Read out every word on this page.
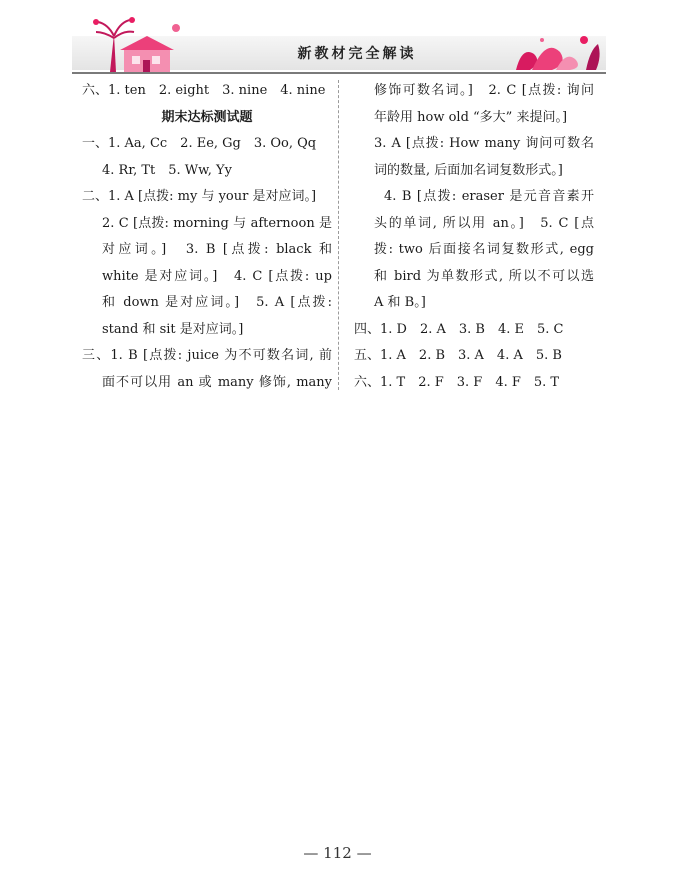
新教材完全解读
六、1. ten　2. eight　3. nine　4. nine
期末达标测试题
一、1. Aa, Cc　2. Ee, Gg　3. Oo, Qq
4. Rr, Tt　5. Ww, Yy
二、1. A [点拨: my 与 your 是对应词。]
2. C [点拨: morning 与 afternoon 是
对应词。]　3. B [点拨: black 和
white 是对应词。]　4. C [点拨: up
和 down 是对应词。]　5. A [点拨:
stand 和 sit 是对应词。]
三、1. B [点拨: juice 为不可数名词, 前
面不可以用 an 或 many 修饰, many
修饰可数名词。]　2. C [点拨: 询问
年龄用 how old “多大” 来提问。]
3. A [点拨: How many 询问可数名
词的数量, 后面加名词复数形式。]
4. B [点拨: eraser 是元音音素开
头的单词, 所以用 an。]　5. C [点
拨: two 后面接名词复数形式, egg
和 bird 为单数形式, 所以不可以选
A 和 B。]
四、1. D　2. A　3. B　4. E　5. C
五、1. A　2. B　3. A　4. A　5. B
六、1. T　2. F　3. F　4. F　5. T
— 112 —
